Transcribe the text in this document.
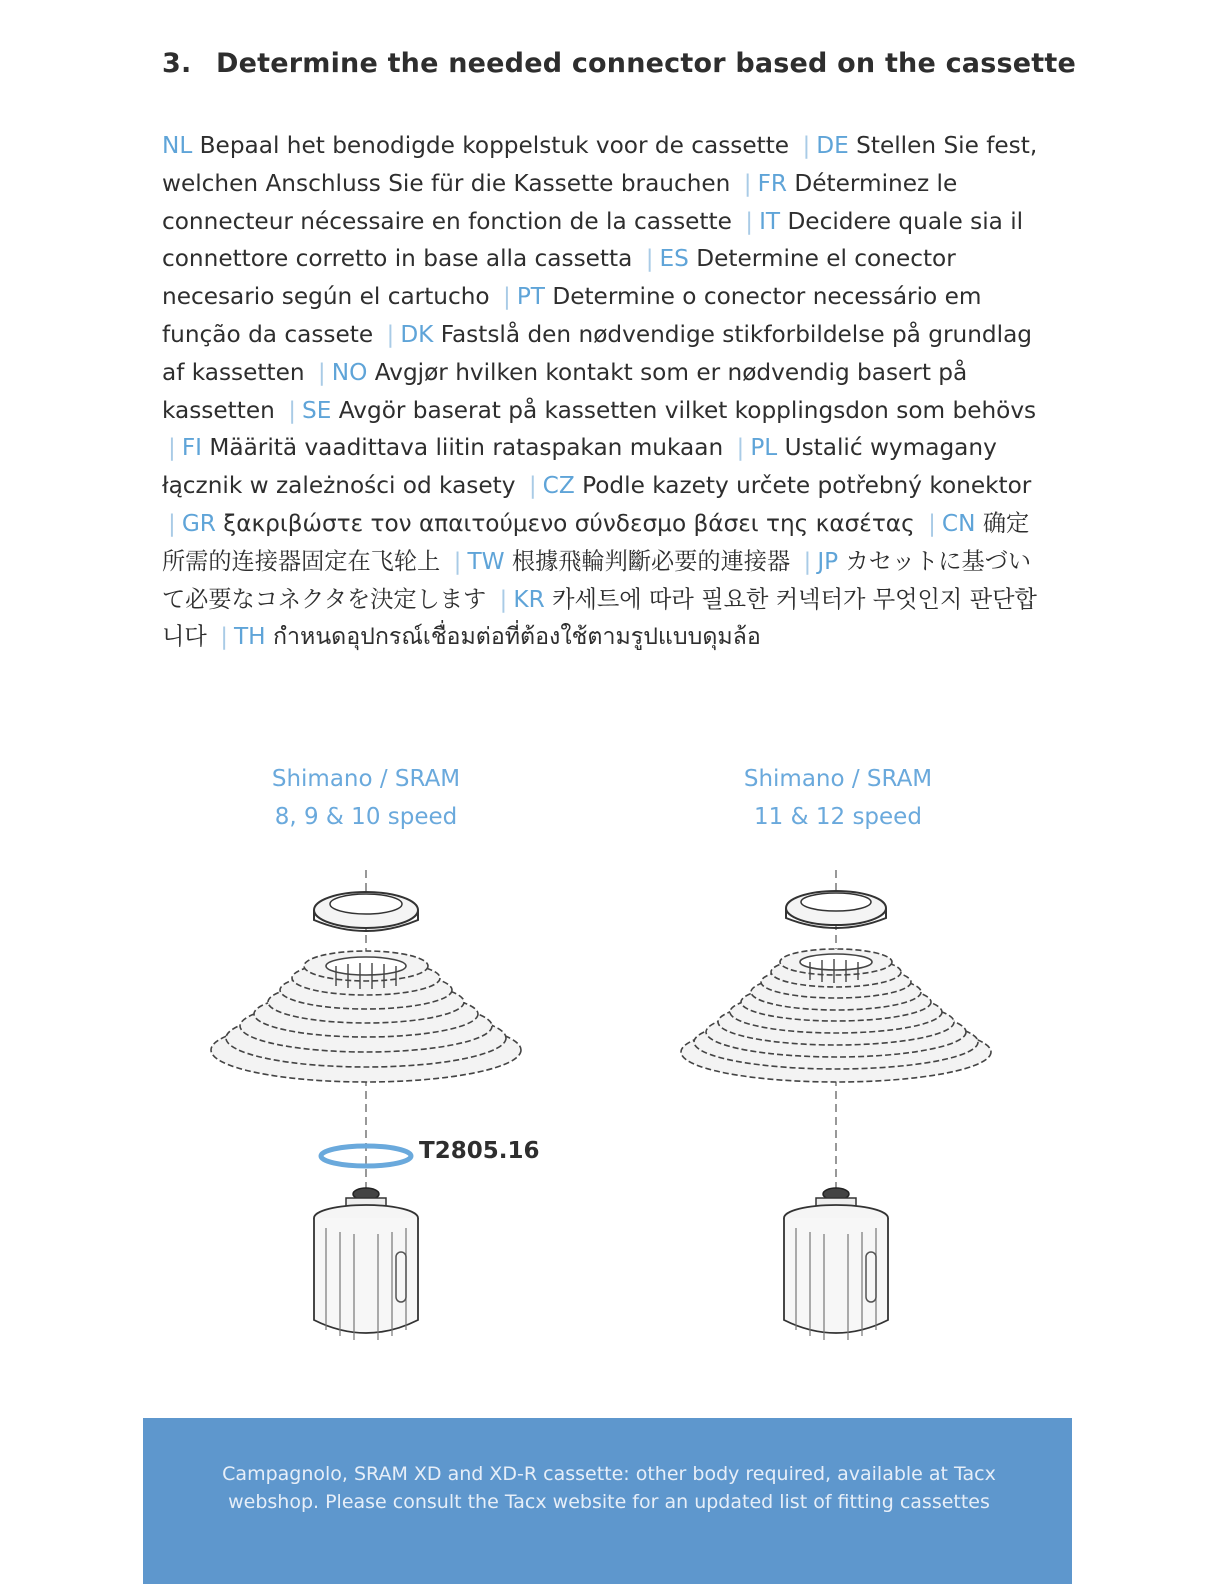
3. Determine the needed connector based on the cassette
NL Bepaal het benodigde koppelstuk voor de cassette | DE Stellen Sie fest, welchen Anschluss Sie für die Kassette brauchen | FR Déterminez le connecteur nécessaire en fonction de la cassette | IT Decidere quale sia il connettore corretto in base alla cassetta | ES Determine el conector necesario según el cartucho | PT Determine o conector necessário em função da cassete | DK Fastslå den nødvendige stikforbildelse på grundlag af kassetten | NO Avgjør hvilken kontakt som er nødvendig basert på kassetten | SE Avgör baserat på kassetten vilket kopplingsdon som behövs | FI Määritä vaadittava liitin rataspakan mukaan | PL Ustalić wymagany łącznik w zależności od kasety | CZ Podle kazety určete potřebný konektor | GR ξακριβώστε τον απαιτούμενο σύνδεσμο βάσει της κασέτας | CN 确定所需的连接器固定在飞轮上 | TW 根據飛輪判斷必要的連接器 | JP カセットに基づいて必要なコネクタを決定します | KR 카세트에 따라 필요한 커넥터가 무엇인지 판단합니다 | TH กำหนดอุปกรณ์เชื่อมต่อที่ต้องใช้ตามรูปแบบดุมล้อ
Shimano / SRAM
8, 9 & 10 speed
Shimano / SRAM
11 & 12 speed
T2805.16
Campagnolo, SRAM XD and XD-R cassette: other body required, available at Tacx webshop. Please consult the Tacx website for an updated list of fitting cassettes
